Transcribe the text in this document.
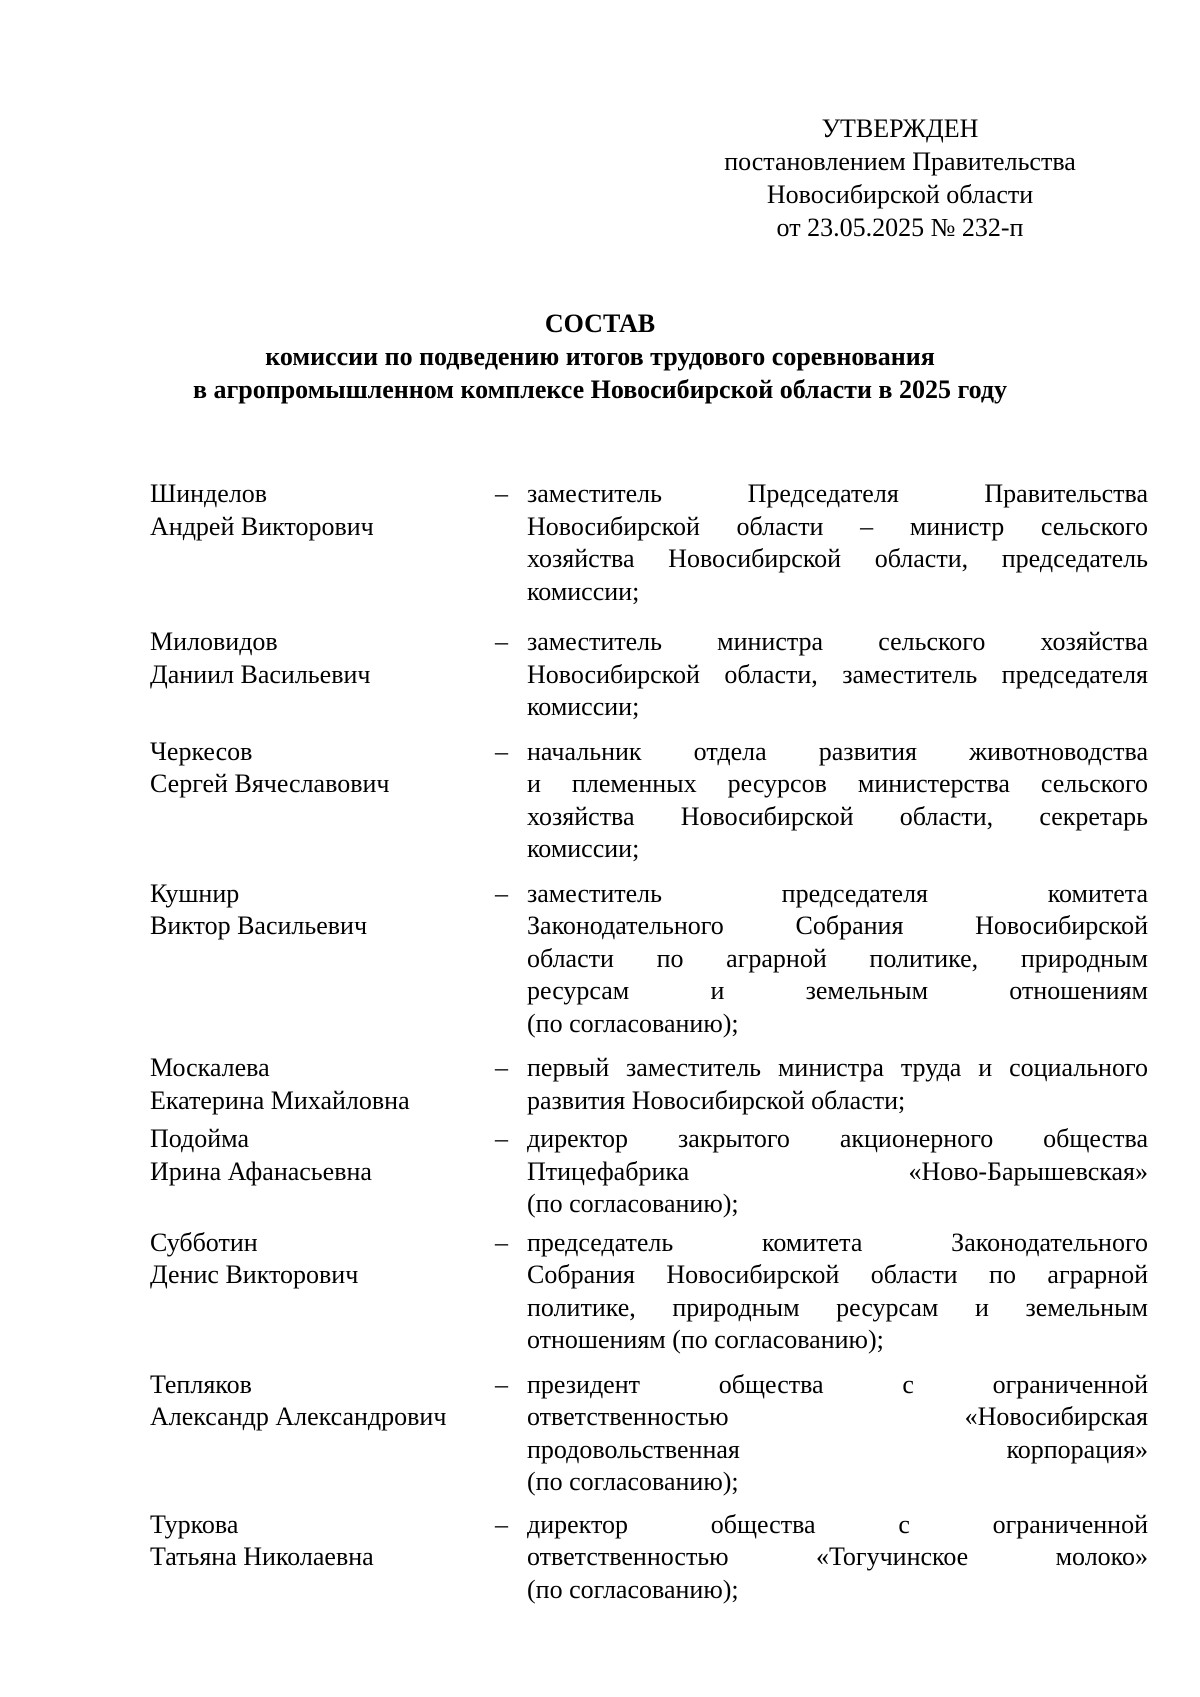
УТВЕРЖДЕН
постановлением Правительства
Новосибирской области
от 23.05.2025 № 232-п
СОСТАВ
комиссии по подведению итогов трудового соревнования
в агропромышленном комплексе Новосибирской области в 2025 году
Шинделов
Андрей Викторович
– заместитель Председателя Правительства
Новосибирской области – министр сельского
хозяйства Новосибирской области, председатель
комиссии;
Миловидов
Даниил Васильевич
– заместитель министра сельского хозяйства
Новосибирской области, заместитель председателя
комиссии;
Черкесов
Сергей Вячеславович
– начальник отдела развития животноводства
и племенных ресурсов министерства сельского
хозяйства Новосибирской области, секретарь
комиссии;
Кушнир
Виктор Васильевич
– заместитель председателя комитета
Законодательного Собрания Новосибирской
области по аграрной политике, природным
ресурсам и земельным отношениям
(по согласованию);
Москалева
Екатерина Михайловна
– первый заместитель министра труда и социального
развития Новосибирской области;
Подойма
Ирина Афанасьевна
– директор закрытого акционерного общества
Птицефабрика «Ново-Барышевская»
(по согласованию);
Субботин
Денис Викторович
– председатель комитета Законодательного
Собрания Новосибирской области по аграрной
политике, природным ресурсам и земельным
отношениям (по согласованию);
Тепляков
Александр Александрович
– президент общества с ограниченной
ответственностью «Новосибирская
продовольственная корпорация»
(по согласованию);
Туркова
Татьяна Николаевна
– директор общества с ограниченной
ответственностью «Тогучинское молоко»
(по согласованию);
